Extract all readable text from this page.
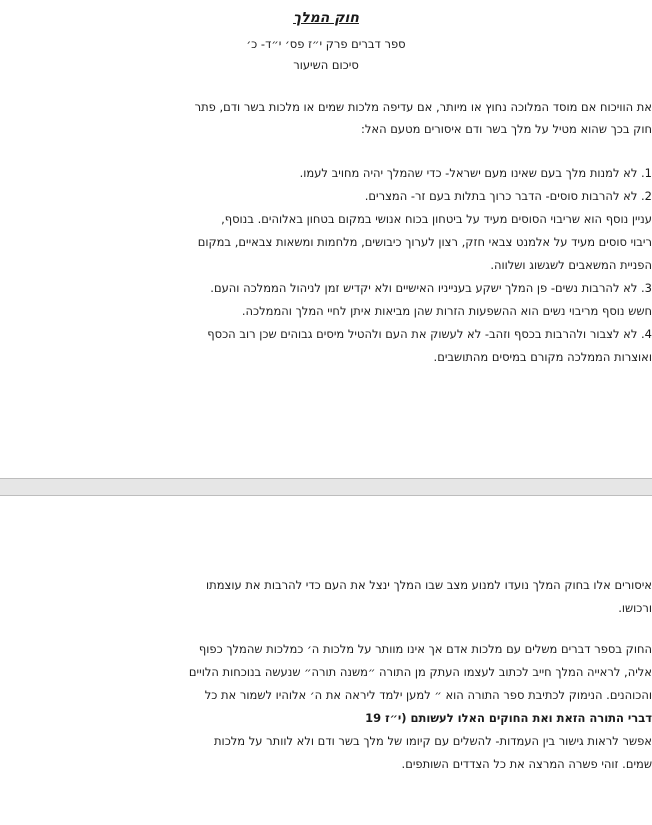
חוק המלך
ספר דברים פרק י״ז פס׳ י״ד- כ׳
סיכום השיעור
את הוויכוח אם מוסד המלוכה נחוץ או מיותר, אם עדיפה מלכות שמים או מלכות בשר ודם, פתר
חוק בכך שהוא מטיל על מלך בשר ודם איסורים מטעם האל:
1. לא למנות מלך בעם שאינו מעם ישראל- כדי שהמלך יהיה מחויב לעמו.
2. לא להרבות סוסים- הדבר כרוך בתלות בעם זר- המצרים.
עניין נוסף הוא שריבוי הסוסים מעיד על ביטחון בכוח אנושי במקום בטחון באלוהים. בנוסף,
ריבוי סוסים מעיד על אלמנט צבאי חזק, רצון לערוך כיבושים, מלחמות ומשאות צבאיים, במקום
הפניית המשאבים לשגשוג ושלווה.
3. לא להרבות נשים- פן המלך ישקע בענייניו האישיים ולא יקדיש זמן לניהול הממלכה והעם.
חשש נוסף מריבוי נשים הוא ההשפעות הזרות שהן מביאות איתן לחיי המלך והממלכה.
4. לא לצבור ולהרבות בכסף וזהב- לא לעשוק את העם ולהטיל מיסים גבוהים שכן רוב הכסף
ואוצרות הממלכה מקורם במיסים מהתושבים.
איסורים אלו בחוק המלך נועדו למנוע מצב שבו המלך ינצל את העם כדי להרבות את עוצמתו
ורכושו.
החוק בספר דברים משלים עם מלכות אדם אך אינו מוותר על מלכות ה׳ כמלכות שהמלך כפוף
אליה, לראייה המלך חייב לכתוב לעצמו העתק מן התורה ״משנה תורה״ שנעשה בנוכחות הלויים
והכוהנים. הנימוק לכתיבת ספר התורה הוא ״ למען ילמד ליראה את ה׳ אלוהיו לשמור את כל
דברי התורה הזאת ואת החוקים האלו לעשותם (י״ז 19
אפשר לראות גישור בין העמדות- להשלים עם קיומו של מלך בשר ודם ולא לוותר על מלכות
שמים. זוהי פשרה המרצה את כל הצדדים השותפים.
